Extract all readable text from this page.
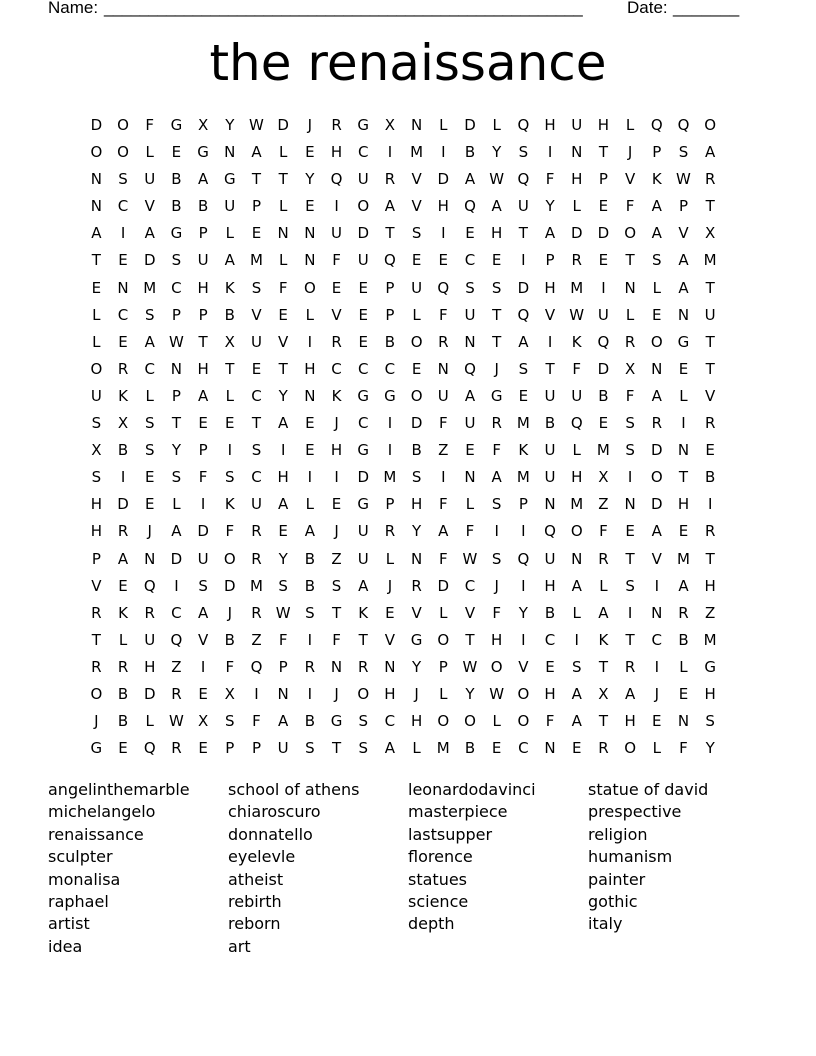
Name: ______________________________________________________	Date: _______
the renaissance
D O F G X Y W D J R G X N L D L Q H U H L Q Q O
O O L E G N A L E H C I M I B Y S I N T J P S A
N S U B A G T T Y Q U R V D A W Q F H P V K W R
N C V B B U P L E I O A V H Q A U Y L E F A P T
A I A G P L E N N U D T S I E H T A D D O A V X
T E D S U A M L N F U Q E E C E I P R E T S A M
E N M C H K S F O E E P U Q S S D H M I N L A T
L C S P P B V E L V E P L F U T Q V W U L E N U
L E A W T X U V I R E B O R N T A I K Q R O G T
O R C N H T E T H C C C E N Q J S T F D X N E T
U K L P A L C Y N K G G O U A G E U U B F A L V
S X S T E E T A E J C I D F U R M B Q E S R I R
X B S Y P I S I E H G I B Z E F K U L M S D N E
S I E S F S C H I I D M S I N A M U H X I O T B
H D E L I K U A L E G P H F L S P N M Z N D H I
H R J A D F R E A J U R Y A F I I Q O F E A E R
P A N D U O R Y B Z U L N F W S Q U N R T V M T
V E Q I S D M S B S A J R D C J I H A L S I A H
R K R C A J R W S T K E V L V F Y B L A I N R Z
T L U Q V B Z F I F T V G O T H I C I K T C B M
R R H Z I F Q P R N R N Y P W O V E S T R I L G
O B D R E X I N I J O H J L Y W O H A X A J E H
J B L W X S F A B G S C H O O L O F A T H E N S
G E Q R E P P U S T S A L M B E C N E R O L F Y
angelinthemarble
michelangelo
renaissance
sculpter
monalisa
raphael
artist
idea
school of athens
chiaroscuro
donnatello
eyelevle
atheist
rebirth
reborn
art
leonardodavinci
masterpiece
lastsupper
florence
statues
science
depth
statue of david
prespective
religion
humanism
painter
gothic
italy
